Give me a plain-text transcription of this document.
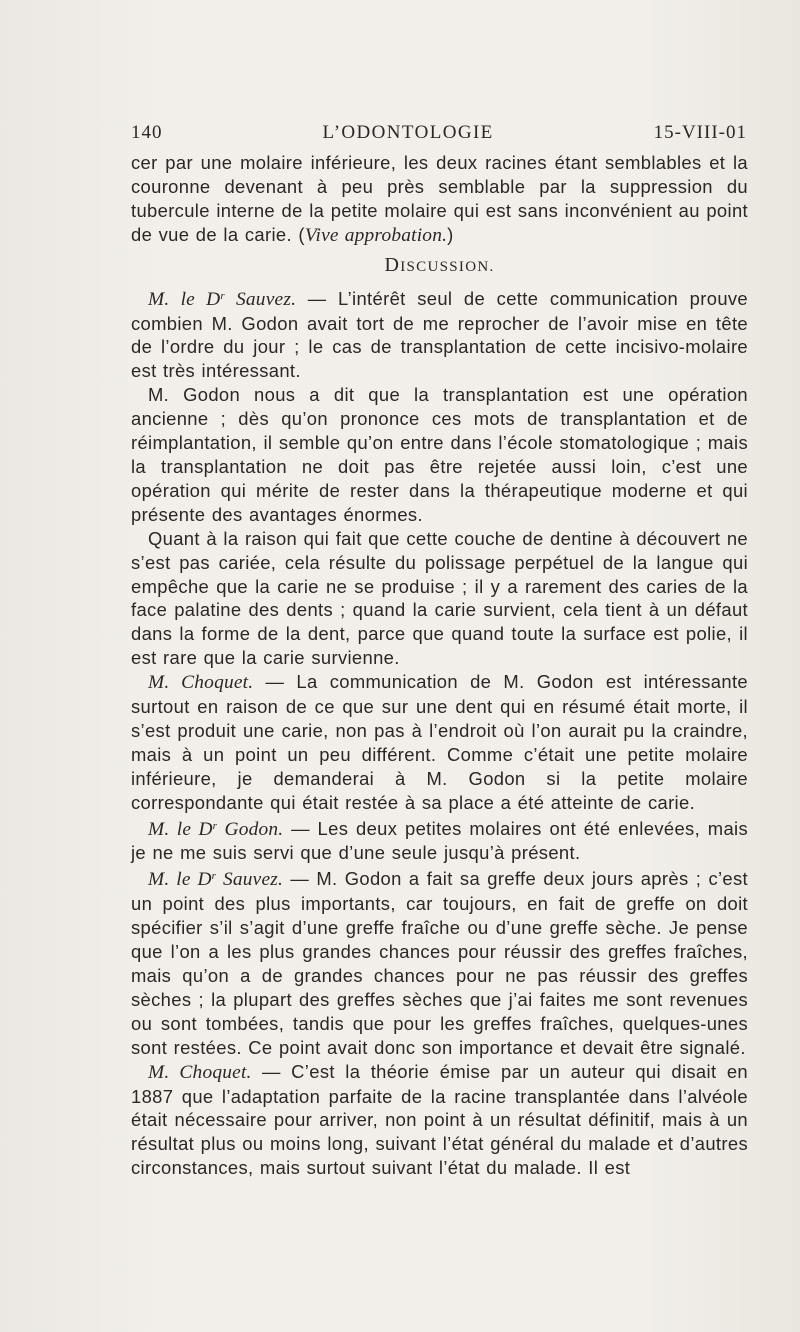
140	L’ODONTOLOGIE	15-VIII-01

cer par une molaire inférieure, les deux racines étant semblables et la couronne devenant à peu près semblable par la suppression du tubercule interne de la petite molaire qui est sans inconvénient au point de vue de la carie. (Vive approbation.)

DISCUSSION.

M. le $D^r$ Sauvez. — L’intérêt seul de cette communication prouve combien M. Godon avait tort de me reprocher de l’avoir mise en tête de l’ordre du jour ; le cas de transplantation de cette incisivo-molaire est très intéressant.

M. Godon nous a dit que la transplantation est une opération ancienne ; dès qu’on prononce ces mots de transplantation et de réimplantation, il semble qu’on entre dans l’école stomatologique ; mais la transplantation ne doit pas être rejetée aussi loin, c’est une opération qui mérite de rester dans la thérapeutique moderne et qui présente des avantages énormes.

Quant à la raison qui fait que cette couche de dentine à découvert ne s’est pas cariée, cela résulte du polissage perpétuel de la langue qui empêche que la carie ne se produise ; il y a rarement des caries de la face palatine des dents ; quand la carie survient, cela tient à un défaut dans la forme de la dent, parce que quand toute la surface est polie, il est rare que la carie survienne.

M. Choquet. — La communication de M. Godon est intéressante surtout en raison de ce que sur une dent qui en résumé était morte, il s’est produit une carie, non pas à l’endroit où l’on aurait pu la craindre, mais à un point un peu différent. Comme c’était une petite molaire inférieure, je demanderai à M. Godon si la petite molaire correspondante qui était restée à sa place a été atteinte de carie.

M. le $D^r$ Godon. — Les deux petites molaires ont été enlevées, mais je ne me suis servi que d’une seule jusqu’à présent.

M. le $D^r$ Sauvez. — M. Godon a fait sa greffe deux jours après ; c’est un point des plus importants, car toujours, en fait de greffe on doit spécifier s’il s’agit d’une greffe fraîche ou d’une greffe sèche. Je pense que l’on a les plus grandes chances pour réussir des greffes fraîches, mais qu’on a de grandes chances pour ne pas réussir des greffes sèches ; la plupart des greffes sèches que j’ai faites me sont revenues ou sont tombées, tandis que pour les greffes fraîches, quelques-unes sont restées. Ce point avait donc son importance et devait être signalé.

M. Choquet. — C’est la théorie émise par un auteur qui disait en 1887 que l’adaptation parfaite de la racine transplantée dans l’alvéole était nécessaire pour arriver, non point à un résultat définitif, mais à un résultat plus ou moins long, suivant l’état général du malade et d’autres circonstances, mais surtout suivant l’état du malade. Il est
